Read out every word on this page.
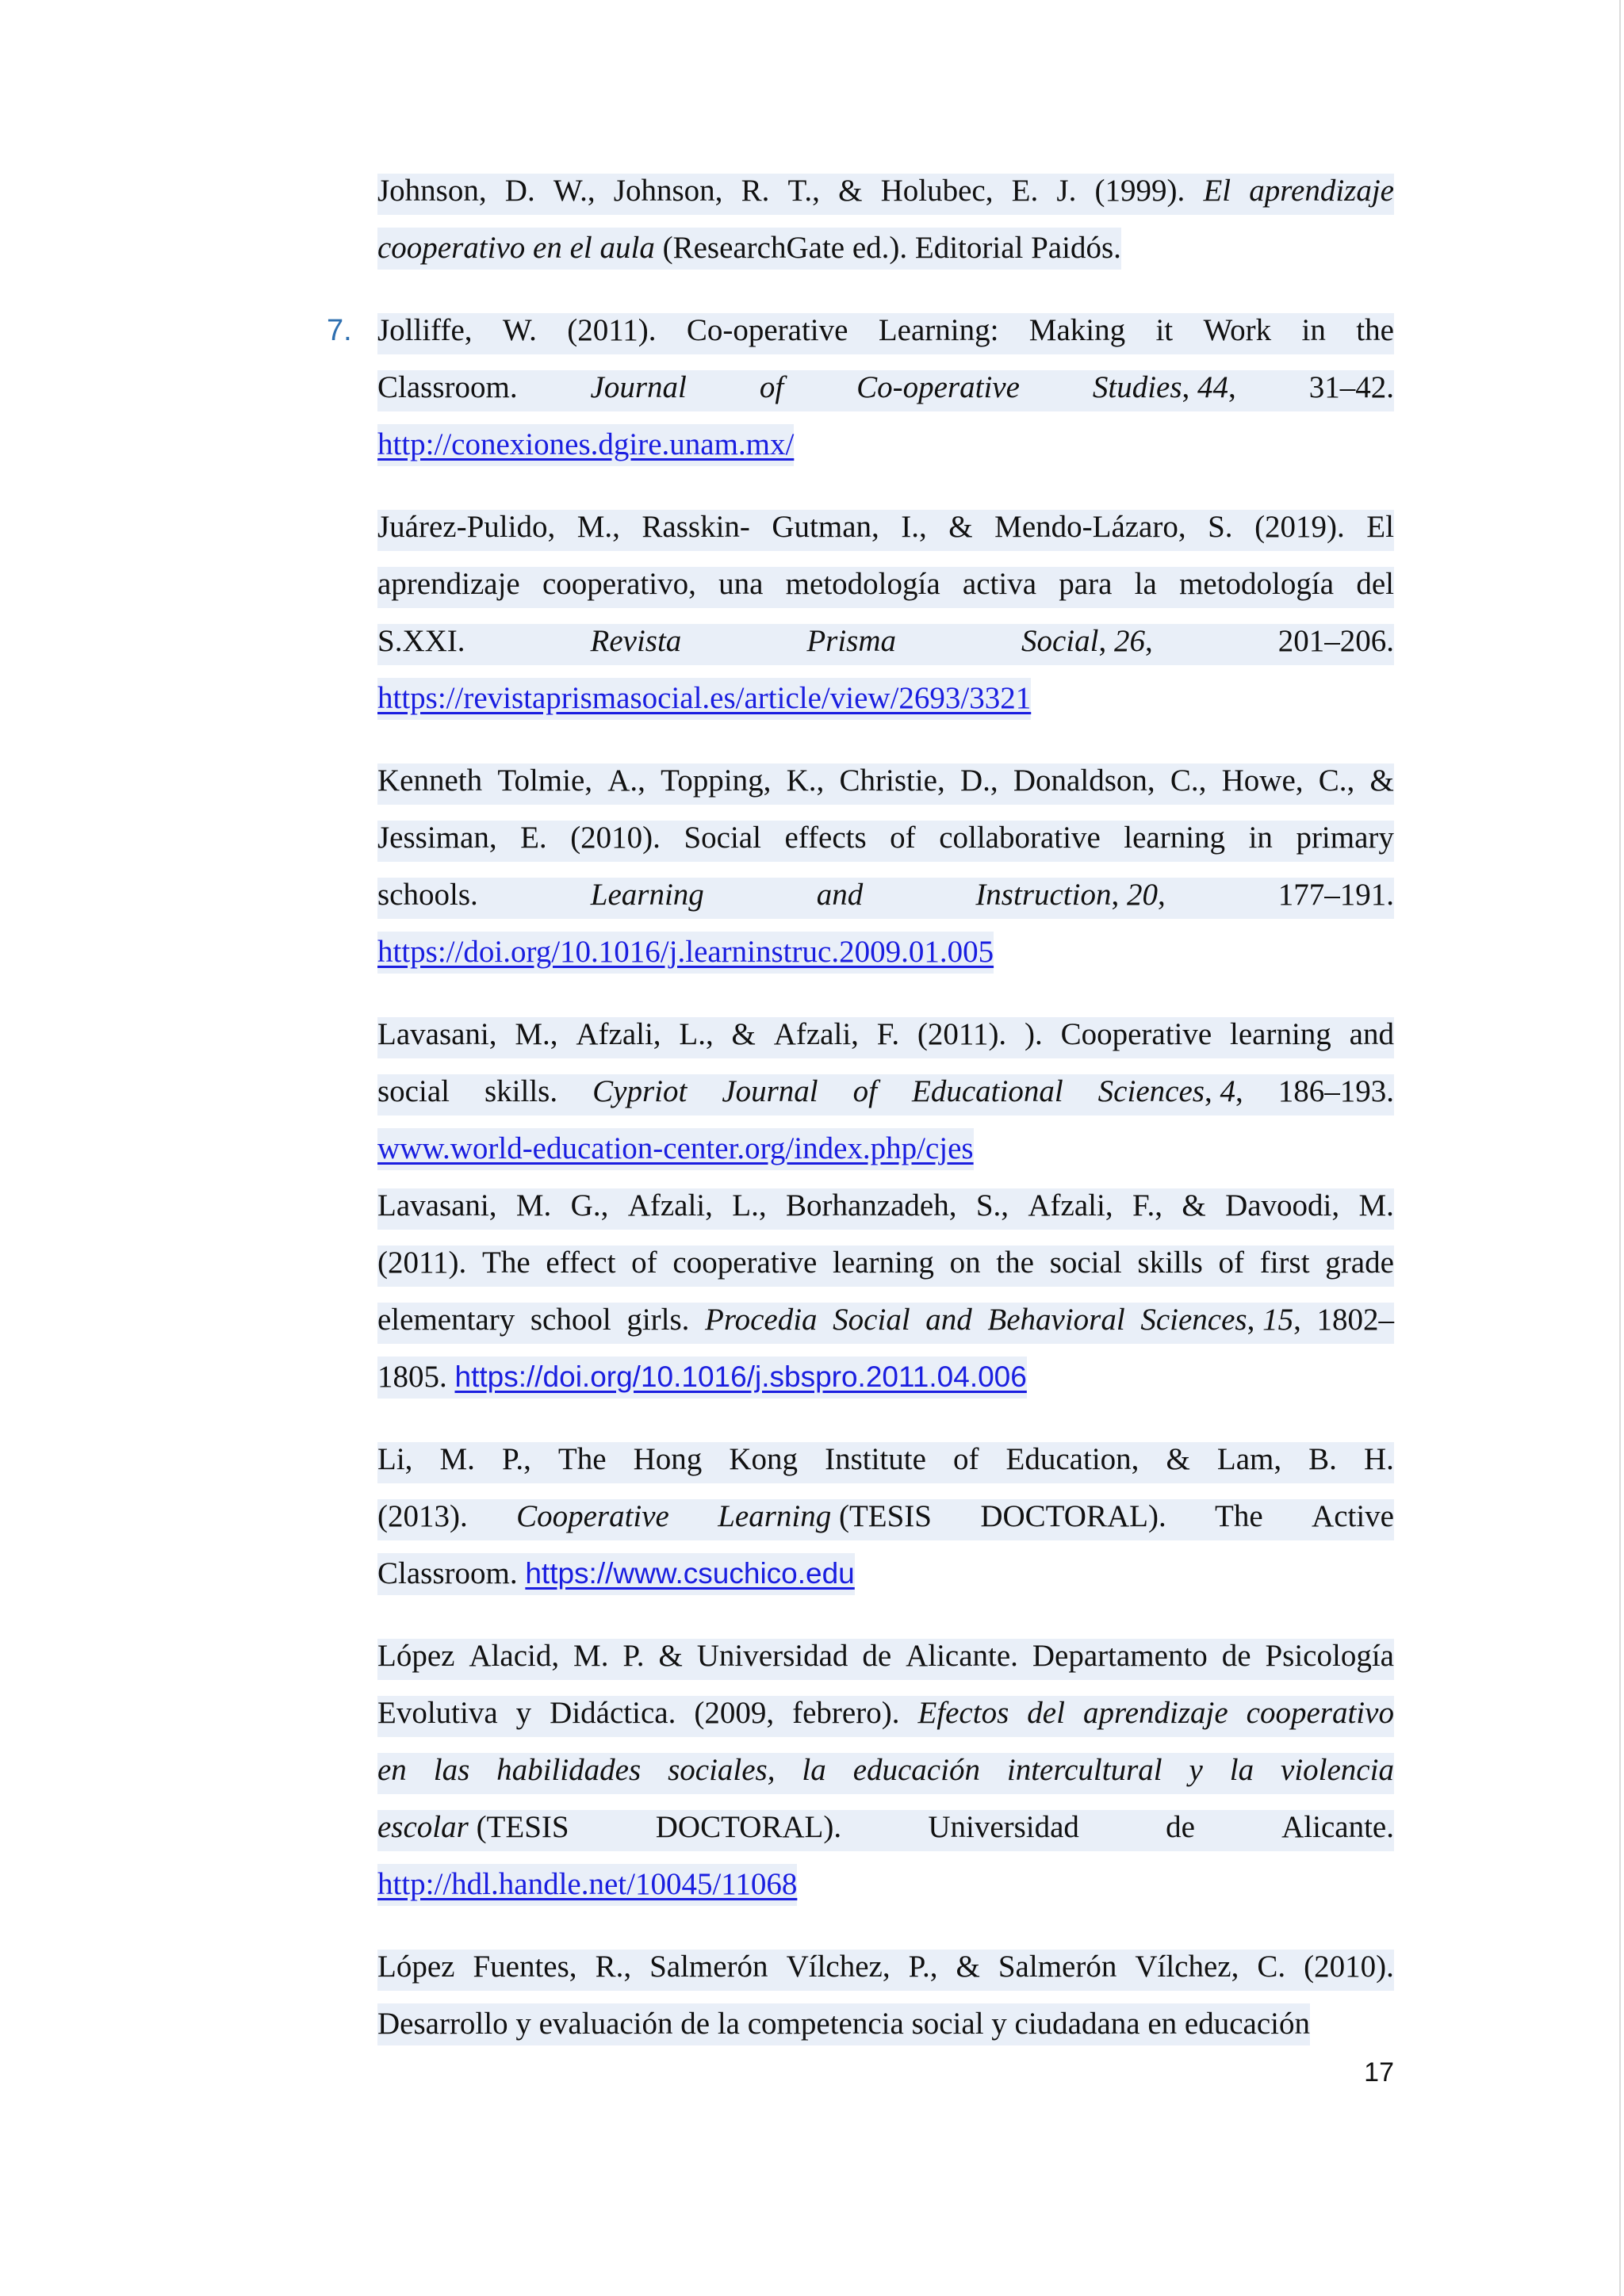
Johnson, D. W., Johnson, R. T., & Holubec, E. J. (1999). El aprendizaje
cooperativo en el aula (ResearchGate ed.). Editorial Paidós.
7. Jolliffe, W. (2011). Co-operative Learning: Making it Work in the
Classroom. Journal of Co-operative Studies, 44, 31–42.
http://conexiones.dgire.unam.mx/
Juárez-Pulido, M., Rasskin- Gutman, I., & Mendo-Lázaro, S. (2019). El
aprendizaje cooperativo, una metodología activa para la metodología del
S.XXI.	Revista	Prisma	Social, 26,	201–206.
https://revistaprismasocial.es/article/view/2693/3321
Kenneth Tolmie, A., Topping, K., Christie, D., Donaldson, C., Howe, C., &
Jessiman, E. (2010). Social effects of collaborative learning in primary
schools.	Learning	and	Instruction, 20,	177–191.
https://doi.org/10.1016/j.learninstruc.2009.01.005
Lavasani, M., Afzali, L., & Afzali, F. (2011). ). Cooperative learning and
social skills. Cypriot Journal of Educational Sciences, 4, 186–193.
www.world-education-center.org/index.php/cjes
Lavasani, M. G., Afzali, L., Borhanzadeh, S., Afzali, F., & Davoodi, M.
(2011). The effect of cooperative learning on the social skills of first grade
elementary school girls. Procedia Social and Behavioral Sciences, 15, 1802–
1805. https://doi.org/10.1016/j.sbspro.2011.04.006
Li, M. P., The Hong Kong Institute of Education, & Lam, B. H.
(2013). Cooperative Learning (TESIS DOCTORAL). The Active
Classroom. https://www.csuchico.edu
López Alacid, M. P. & Universidad de Alicante. Departamento de Psicología
Evolutiva y Didáctica. (2009, febrero). Efectos del aprendizaje cooperativo
en las habilidades sociales, la educación intercultural y la violencia
escolar (TESIS	DOCTORAL).	Universidad	de	Alicante.
http://hdl.handle.net/10045/11068
López Fuentes, R., Salmerón Vílchez, P., & Salmerón Vílchez, C. (2010).
Desarrollo y evaluación de la competencia social y ciudadana en educación
17
